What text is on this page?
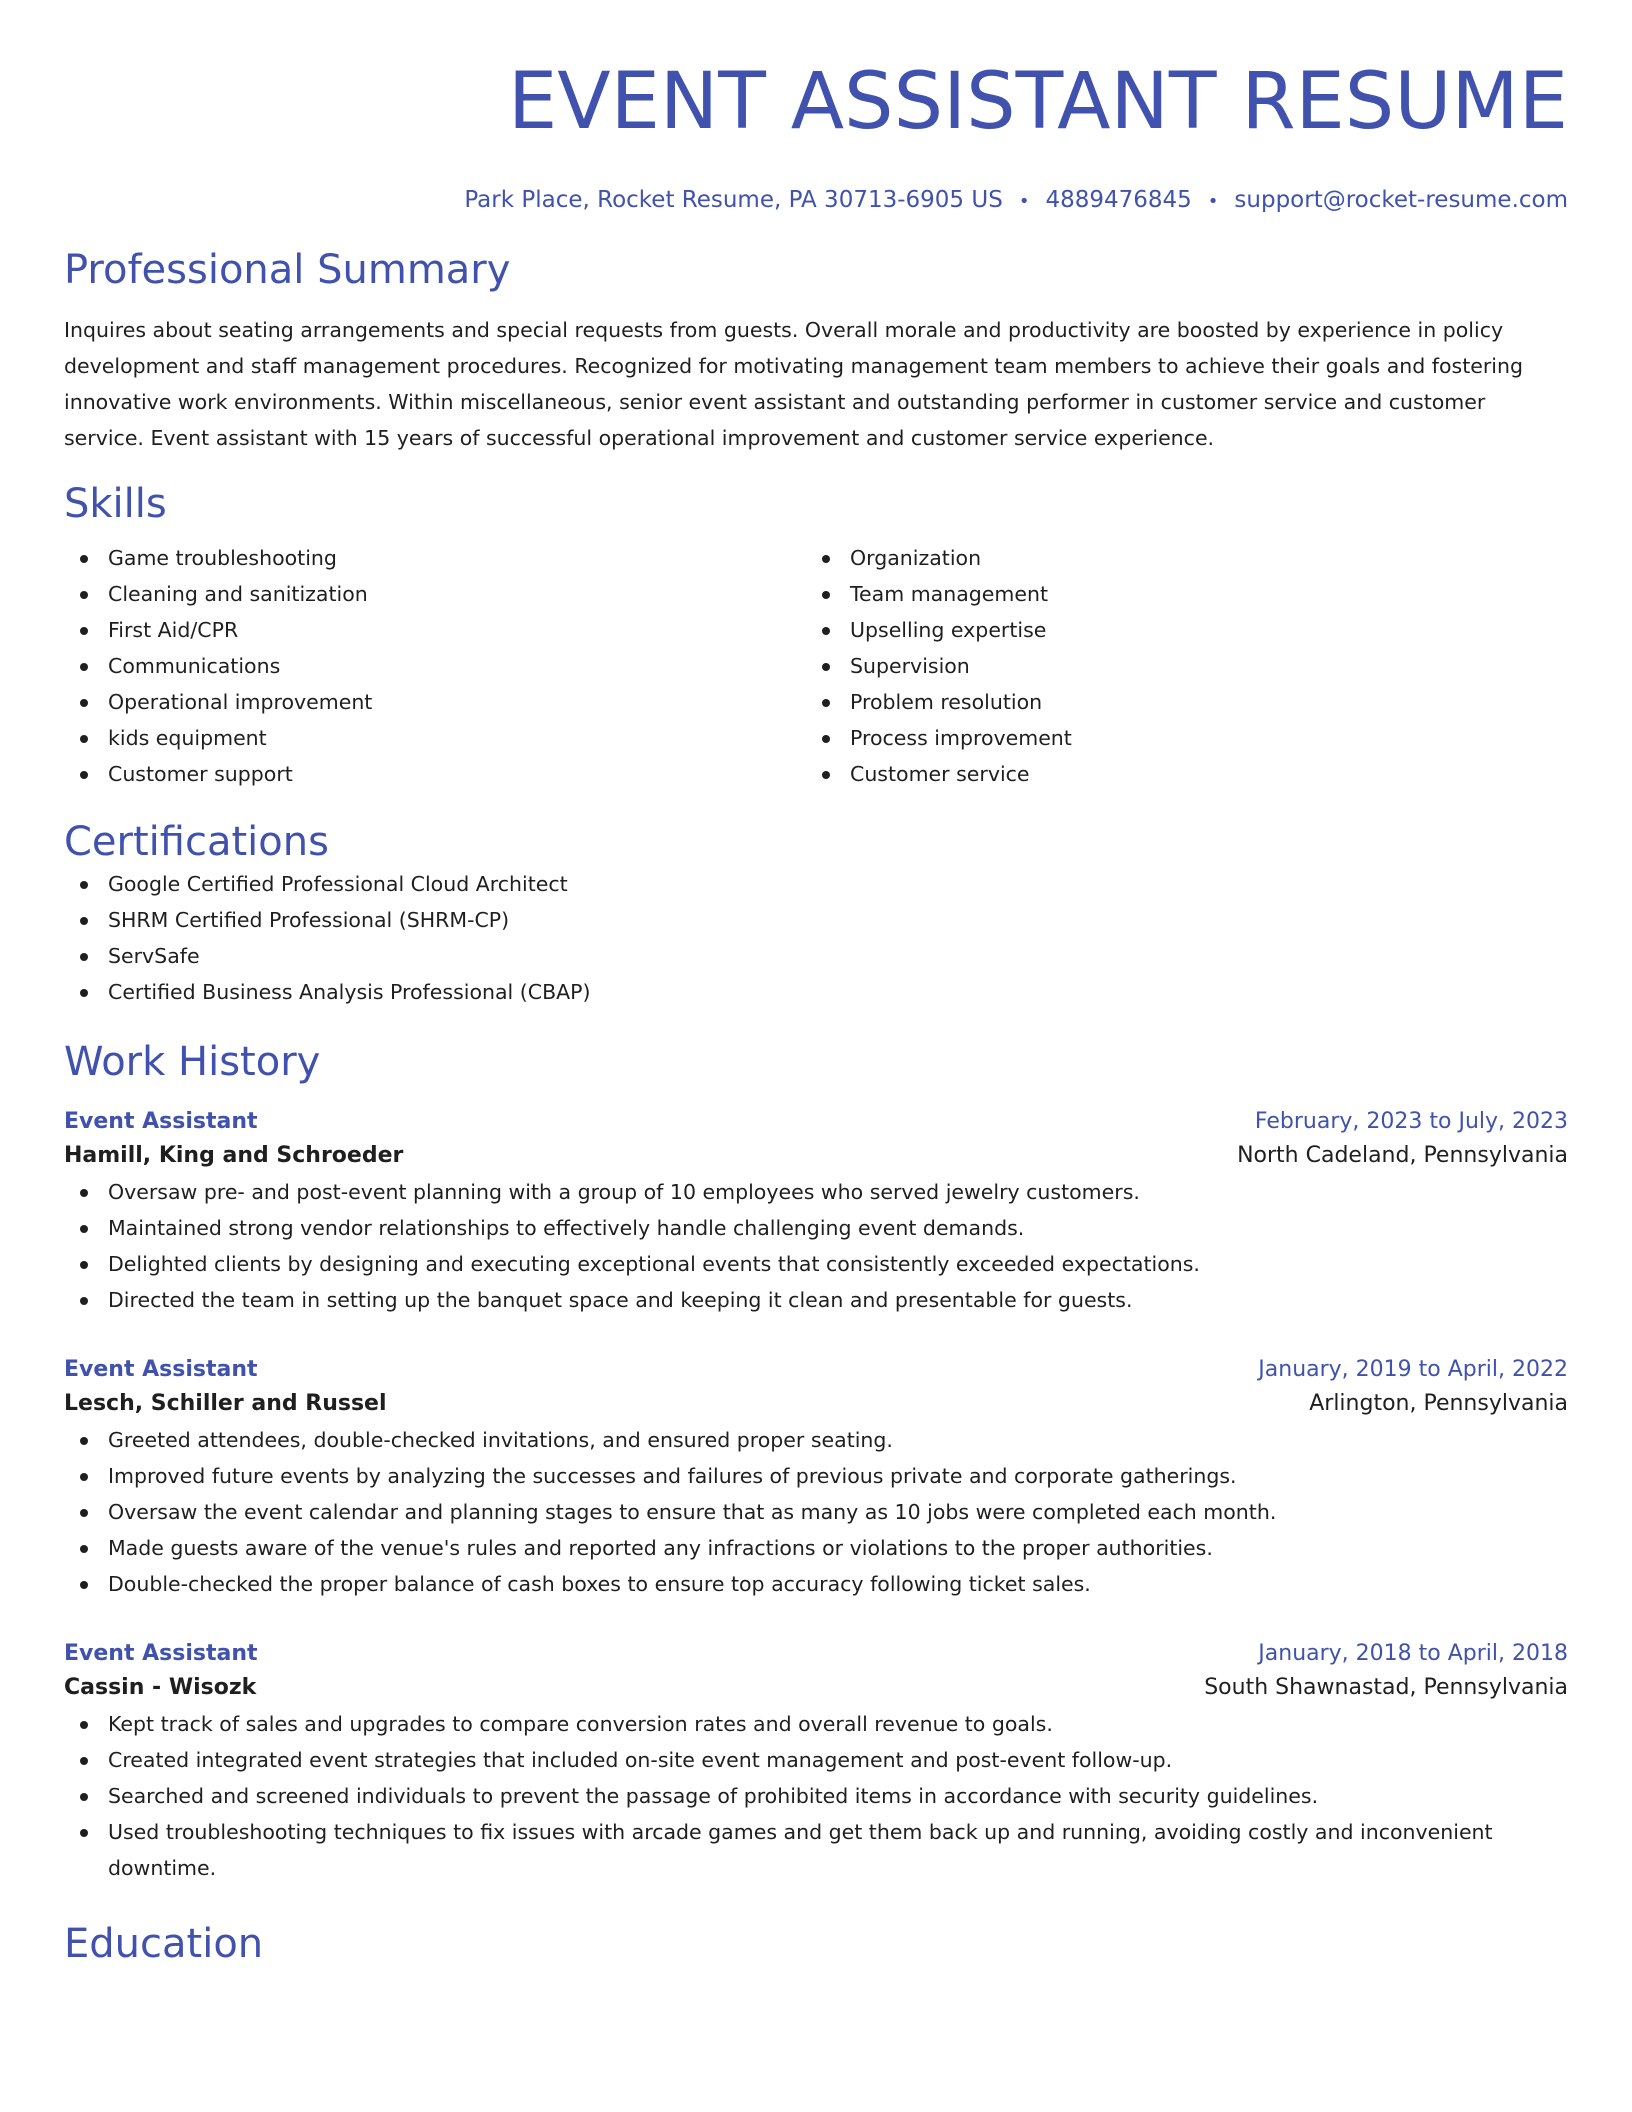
EVENT ASSISTANT RESUME
Park Place, Rocket Resume, PA 30713-6905 US • 4889476845 • support@rocket-resume.com
Professional Summary

Inquires about seating arrangements and special requests from guests. Overall morale and productivity are boosted by experience in policy development and staff management procedures. Recognized for motivating management team members to achieve their goals and fostering innovative work environments. Within miscellaneous, senior event assistant and outstanding performer in customer service and customer service. Event assistant with 15 years of successful operational improvement and customer service experience.

Skills
Game troubleshooting
Cleaning and sanitization
First Aid/CPR
Communications
Operational improvement
kids equipment
Customer support
Organization
Team management
Upselling expertise
Supervision
Problem resolution
Process improvement
Customer service
Certifications
Google Certified Professional Cloud Architect
SHRM Certified Professional (SHRM-CP)
ServSafe
Certified Business Analysis Professional (CBAP)
Work History
Event Assistant	February, 2023 to July, 2023
Hamill, King and Schroeder	North Cadeland, Pennsylvania
Oversaw pre- and post-event planning with a group of 10 employees who served jewelry customers.
Maintained strong vendor relationships to effectively handle challenging event demands.
Delighted clients by designing and executing exceptional events that consistently exceeded expectations.
Directed the team in setting up the banquet space and keeping it clean and presentable for guests.
Event Assistant	January, 2019 to April, 2022
Lesch, Schiller and Russel	Arlington, Pennsylvania
Greeted attendees, double-checked invitations, and ensured proper seating.
Improved future events by analyzing the successes and failures of previous private and corporate gatherings.
Oversaw the event calendar and planning stages to ensure that as many as 10 jobs were completed each month.
Made guests aware of the venue's rules and reported any infractions or violations to the proper authorities.
Double-checked the proper balance of cash boxes to ensure top accuracy following ticket sales.
Event Assistant	January, 2018 to April, 2018
Cassin - Wisozk	South Shawnastad, Pennsylvania
Kept track of sales and upgrades to compare conversion rates and overall revenue to goals.
Created integrated event strategies that included on-site event management and post-event follow-up.
Searched and screened individuals to prevent the passage of prohibited items in accordance with security guidelines.
Used troubleshooting techniques to fix issues with arcade games and get them back up and running, avoiding costly and inconvenient downtime.
Education
